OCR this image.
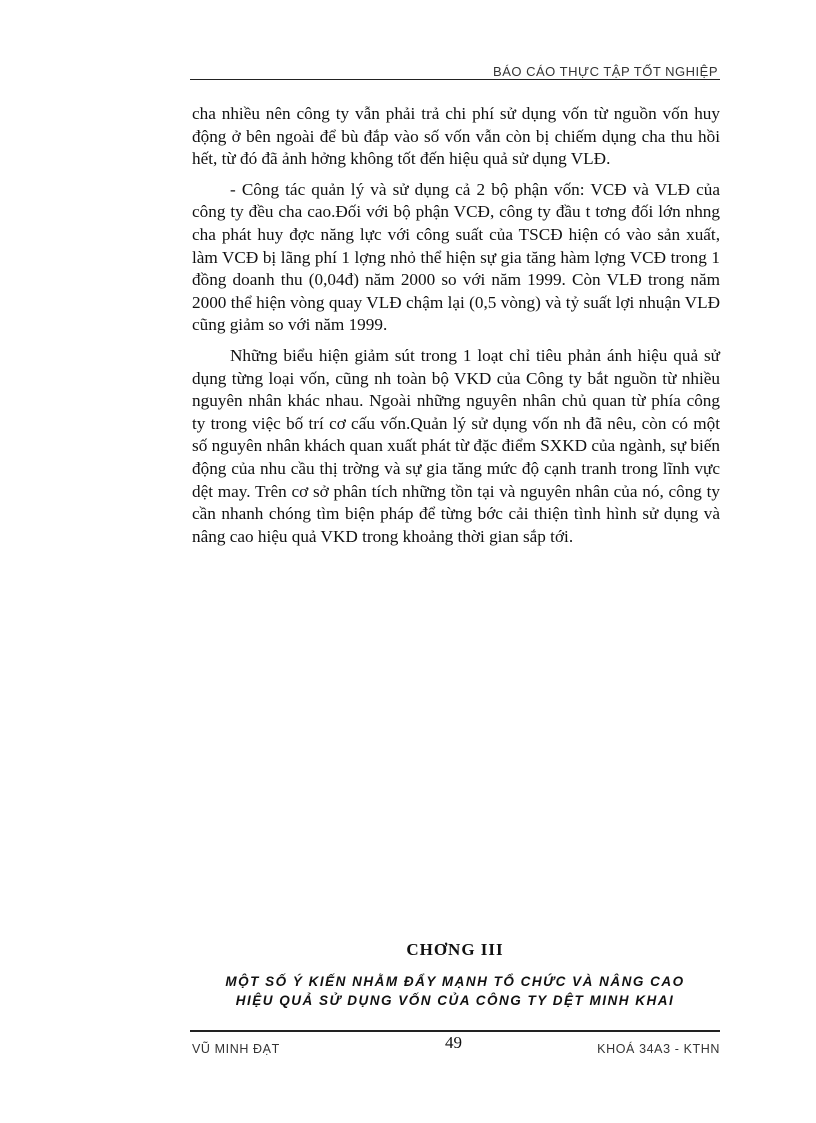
BÁO CÁO THỰC TẬP TỐT NGHIỆP

cha nhiều nên công ty vẫn phải trả chi phí sử dụng vốn từ nguồn vốn huy động ở bên ngoài để bù đắp vào số vốn vẫn còn bị chiếm dụng cha thu hồi hết, từ đó đã ảnh hởng không tốt đến hiệu quả sử dụng VLĐ.

- Công tác quản lý và sử dụng cả 2 bộ phận vốn: VCĐ và VLĐ của công ty đều cha cao.Đối với bộ phận VCĐ, công ty đầu t tơng đối lớn nhng cha phát huy đợc năng lực với công suất của TSCĐ hiện có vào sản xuất, làm VCĐ bị lãng phí 1 lợng nhỏ thể hiện sự gia tăng hàm lợng VCĐ trong 1 đồng doanh thu (0,04đ) năm 2000 so với năm 1999. Còn VLĐ trong năm 2000 thể hiện vòng quay VLĐ chậm lại (0,5 vòng) và tỷ suất lợi nhuận VLĐ cũng giảm so với năm 1999.

Những biểu hiện giảm sút trong 1 loạt chỉ tiêu phản ánh hiệu quả sử dụng từng loại vốn, cũng nh toàn bộ VKD của Công ty bắt nguồn từ nhiều nguyên nhân khác nhau. Ngoài những nguyên nhân chủ quan từ phía công ty trong việc bố trí cơ cấu vốn.Quản lý sử dụng vốn nh đã nêu, còn có một số nguyên nhân khách quan xuất phát từ đặc điểm SXKD của ngành, sự biến động của nhu cầu thị trờng và sự gia tăng mức độ cạnh tranh trong lĩnh vực dệt may. Trên cơ sở phân tích những tồn tại và nguyên nhân của nó, công ty cần nhanh chóng tìm biện pháp để từng bớc cải thiện tình hình sử dụng và nâng cao hiệu quả VKD trong khoảng thời gian sắp tới.

CHƠNG III
MỘT SỐ Ý KIẾN NHẰM ĐẨY MẠNH TỔ CHỨC VÀ NÂNG CAO
HIỆU QUẢ SỬ DỤNG VỐN CỦA CÔNG TY DỆT MINH KHAI
VŨ MINH ĐẠT	49	KHOÁ 34A3 - KTHN
